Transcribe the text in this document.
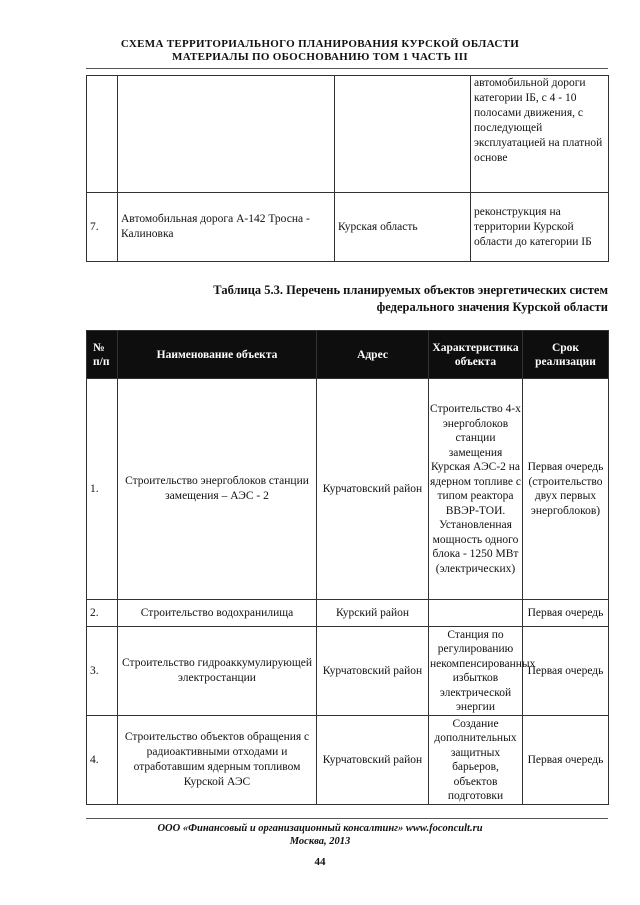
СХЕМА ТЕРРИТОРИАЛЬНОГО ПЛАНИРОВАНИЯ КУРСКОЙ ОБЛАСТИ
МАТЕРИАЛЫ ПО ОБОСНОВАНИЮ ТОМ 1 ЧАСТЬ III
			автомобильной дороги категории IБ, с 4 - 10 полосами движения, с последующей эксплуатацией на платной основе
7.	Автомобильная дорога А-142 Тросна - Калиновка	Курская область	реконструкция на территории Курской области до категории IБ
Таблица 5.3. Перечень планируемых объектов энергетических систем
федерального значения Курской области
№ п/п	Наименование объекта	Адрес	Характеристика объекта	Срок реализации
1.	Строительство энергоблоков станции замещения – АЭС - 2	Курчатовский район	Строительство 4-х энергоблоков станции замещения Курская АЭС-2 на ядерном топливе с типом реактора ВВЭР-ТОИ. Установленная мощность одного блока - 1250 МВт (электрических)	Первая очередь (строительство двух первых энергоблоков)
2.	Строительство водохранилища	Курский район		Первая очередь
3.	Строительство гидроаккумулирующей электростанции	Курчатовский район	Станция по регулированию некомпенсированных избытков электрической энергии	Первая очередь
4.	Строительство объектов обращения с радиоактивными отходами и отработавшим ядерным топливом Курской АЭС	Курчатовский район	Создание дополнительных защитных барьеров, объектов подготовки	Первая очередь
ООО «Финансовый и организационный консалтинг» www.foconcult.ru
Москва, 2013
44
